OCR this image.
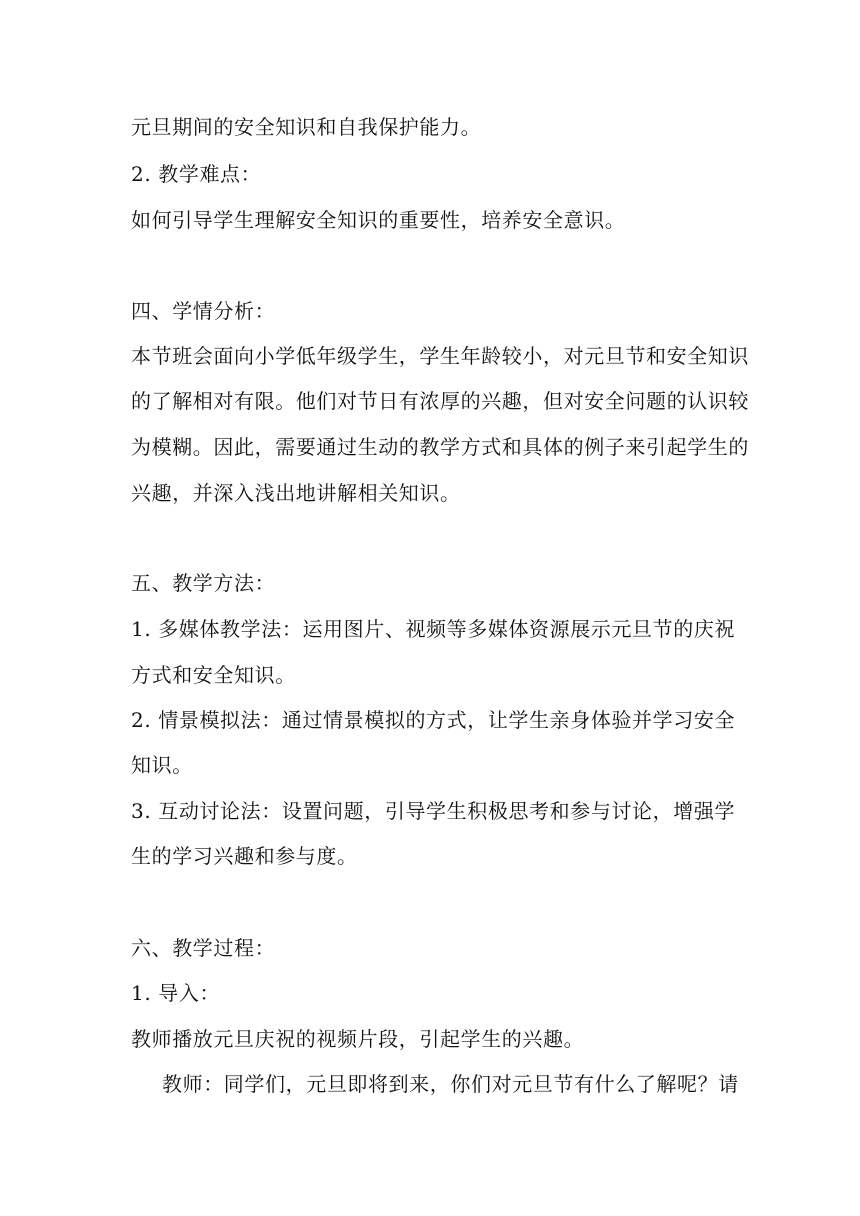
元旦期间的安全知识和自我保护能力。
2. 教学难点：
如何引导学生理解安全知识的重要性，培养安全意识。
四、学情分析：
本节班会面向小学低年级学生，学生年龄较小，对元旦节和安全知识
的了解相对有限。他们对节日有浓厚的兴趣，但对安全问题的认识较
为模糊。因此，需要通过生动的教学方式和具体的例子来引起学生的
兴趣，并深入浅出地讲解相关知识。
五、教学方法：
1. 多媒体教学法：运用图片、视频等多媒体资源展示元旦节的庆祝
方式和安全知识。
2. 情景模拟法：通过情景模拟的方式，让学生亲身体验并学习安全
知识。
3. 互动讨论法：设置问题，引导学生积极思考和参与讨论，增强学
生的学习兴趣和参与度。
六、教学过程：
1. 导入：
教师播放元旦庆祝的视频片段，引起学生的兴趣。
教师：同学们，元旦即将到来，你们对元旦节有什么了解呢？请
